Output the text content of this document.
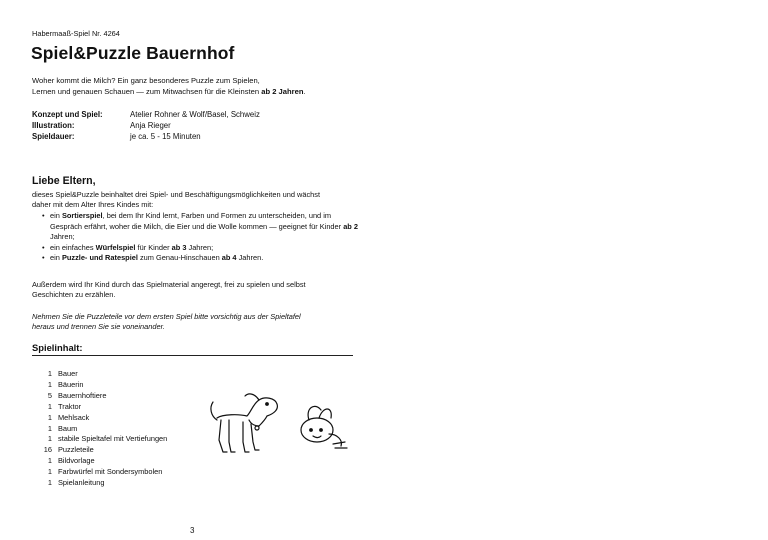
Habermaaß-Spiel Nr. 4264
Spiel&Puzzle Bauernhof

Woher kommt die Milch? Ein ganz besonderes Puzzle zum Spielen,

Lernen und genauen Schauen — zum Mitwachsen für die Kleinsten ab 2 Jahren.

Konzept und Spiel:	Atelier Rohner & Wolf/Basel, Schweiz
Illustration:	Anja Rieger
Spieldauer:	je ca. 5 - 15 Minuten
Liebe Eltern,

dieses Spiel&Puzzle beinhaltet drei Spiel- und Beschäftigungsmöglichkeiten und wächst

daher mit dem Alter Ihres Kindes mit:

• ein Sortierspiel, bei dem Ihr Kind lernt, Farben und Formen zu unterscheiden, und im Gespräch erfährt, woher die Milch, die Eier und die Wolle kommen — geeignet für Kinder ab 2 Jahren;
• ein einfaches Würfelspiel für Kinder ab 3 Jahren;
• ein Puzzle- und Ratespiel zum Genau-Hinschauen ab 4 Jahren.

Außerdem wird Ihr Kind durch das Spielmaterial angeregt, frei zu spielen und selbst

Geschichten zu erzählen.

Nehmen Sie die Puzzleteile vor dem ersten Spiel bitte vorsichtig aus der Spieltafel

heraus und trennen Sie sie voneinander.

Spielinhalt:
1 Bauer
1 Bäuerin
5 Bauernhoftiere
1 Traktor
1 Mehlsack
1 Baum
1 stabile Spieltafel mit Vertiefungen
16 Puzzleteile
1 Bildvorlage
1 Farbwürfel mit Sondersymbolen
1 Spielanleitung
3
